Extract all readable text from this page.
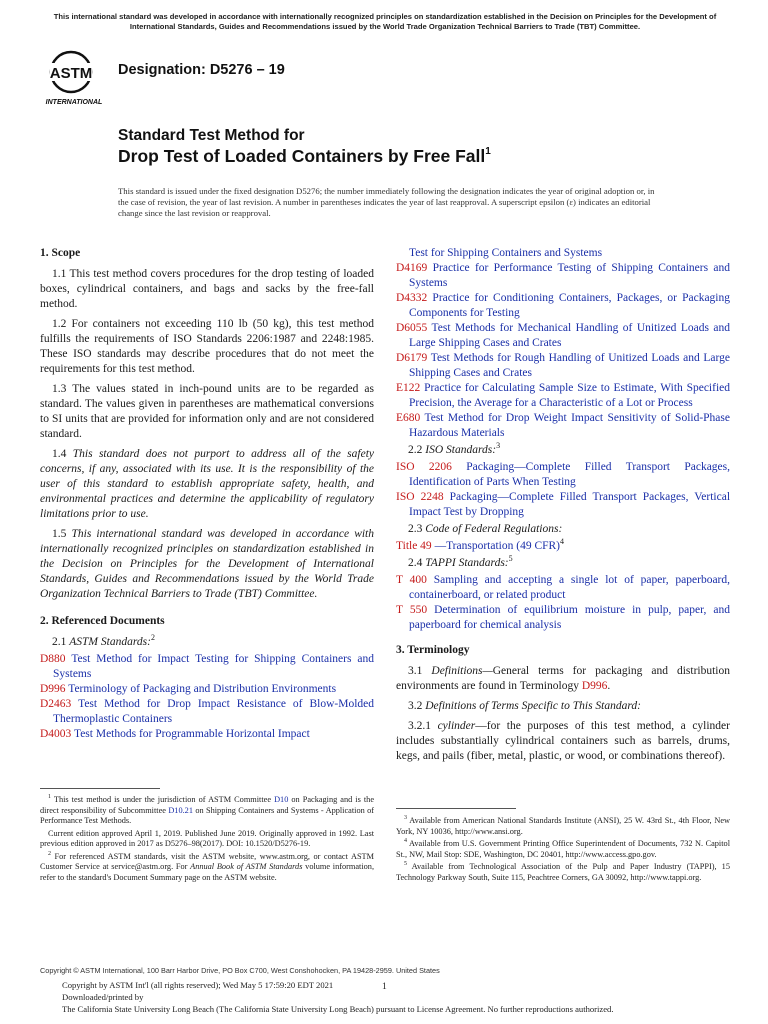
This international standard was developed in accordance with internationally recognized principles on standardization established in the Decision on Principles for the Development of International Standards, Guides and Recommendations issued by the World Trade Organization Technical Barriers to Trade (TBT) Committee.
ASTM
INTERNATIONAL
Designation: D5276 – 19
Standard Test Method for
Drop Test of Loaded Containers by Free Fall$^1$
This standard is issued under the fixed designation D5276; the number immediately following the designation indicates the year of original adoption or, in the case of revision, the year of last revision. A number in parentheses indicates the year of last reapproval. A superscript epsilon (ε) indicates an editorial change since the last revision or reapproval.
1. Scope

1.1 This test method covers procedures for the drop testing of loaded boxes, cylindrical containers, and bags and sacks by the free-fall method.

1.2 For containers not exceeding 110 lb (50 kg), this test method fulfills the requirements of ISO Standards 2206:1987 and 2248:1985. These ISO standards may describe procedures that do not meet the requirements for this test method.

1.3 The values stated in inch-pound units are to be regarded as standard. The values given in parentheses are mathematical conversions to SI units that are provided for information only and are not considered standard.

1.4 This standard does not purport to address all of the safety concerns, if any, associated with its use. It is the responsibility of the user of this standard to establish appropriate safety, health, and environmental practices and determine the applicability of regulatory limitations prior to use.

1.5 This international standard was developed in accordance with internationally recognized principles on standardization established in the Decision on Principles for the Development of International Standards, Guides and Recommendations issued by the World Trade Organization Technical Barriers to Trade (TBT) Committee.

2. Referenced Documents
2.1 ASTM Standards:$^2$
D880 Test Method for Impact Testing for Shipping Containers and Systems
D996 Terminology of Packaging and Distribution Environments
D2463 Test Method for Drop Impact Resistance of Blow-Molded Thermoplastic Containers
D4003 Test Methods for Programmable Horizontal Impact
Test for Shipping Containers and Systems
D4169 Practice for Performance Testing of Shipping Containers and Systems
D4332 Practice for Conditioning Containers, Packages, or Packaging Components for Testing
D6055 Test Methods for Mechanical Handling of Unitized Loads and Large Shipping Cases and Crates
D6179 Test Methods for Rough Handling of Unitized Loads and Large Shipping Cases and Crates
E122 Practice for Calculating Sample Size to Estimate, With Specified Precision, the Average for a Characteristic of a Lot or Process
E680 Test Method for Drop Weight Impact Sensitivity of Solid-Phase Hazardous Materials
2.2 ISO Standards:$^3$
ISO 2206 Packaging—Complete Filled Transport Packages, Identification of Parts When Testing
ISO 2248 Packaging—Complete Filled Transport Packages, Vertical Impact Test by Dropping
2.3 Code of Federal Regulations:
Title 49 —Transportation (49 CFR)$^4$
2.4 TAPPI Standards:$^5$
T 400 Sampling and accepting a single lot of paper, paperboard, containerboard, or related product
T 550 Determination of equilibrium moisture in pulp, paper, and paperboard for chemical analysis
3. Terminology

3.1 Definitions—General terms for packaging and distribution environments are found in Terminology D996.

3.2 Definitions of Terms Specific to This Standard:

3.2.1 cylinder—for the purposes of this test method, a cylinder includes substantially cylindrical containers such as barrels, drums, kegs, and pails (fiber, metal, plastic, or wood, or combinations thereof).

$^1$ This test method is under the jurisdiction of ASTM Committee D10 on Packaging and is the direct responsibility of Subcommittee D10.21 on Shipping Containers and Systems - Application of Performance Test Methods.

Current edition approved April 1, 2019. Published June 2019. Originally approved in 1992. Last previous edition approved in 2017 as D5276–98(2017). DOI: 10.1520/D5276-19.

$^2$ For referenced ASTM standards, visit the ASTM website, www.astm.org, or contact ASTM Customer Service at service@astm.org. For Annual Book of ASTM Standards volume information, refer to the standard's Document Summary page on the ASTM website.

$^3$ Available from American National Standards Institute (ANSI), 25 W. 43rd St., 4th Floor, New York, NY 10036, http://www.ansi.org.

$^4$ Available from U.S. Government Printing Office Superintendent of Documents, 732 N. Capitol St., NW, Mail Stop: SDE, Washington, DC 20401, http://www.access.gpo.gov.

$^5$ Available from Technological Association of the Pulp and Paper Industry (TAPPI), 15 Technology Parkway South, Suite 115, Peachtree Corners, GA 30092, http://www.tappi.org.

Copyright © ASTM International, 100 Barr Harbor Drive, PO Box C700, West Conshohocken, PA 19428-2959. United States
Copyright by ASTM Int'l (all rights reserved); Wed May 5 17:59:20 EDT 2021
Downloaded/printed by
The California State University Long Beach (The California State University Long Beach) pursuant to License Agreement. No further reproductions authorized.
1
